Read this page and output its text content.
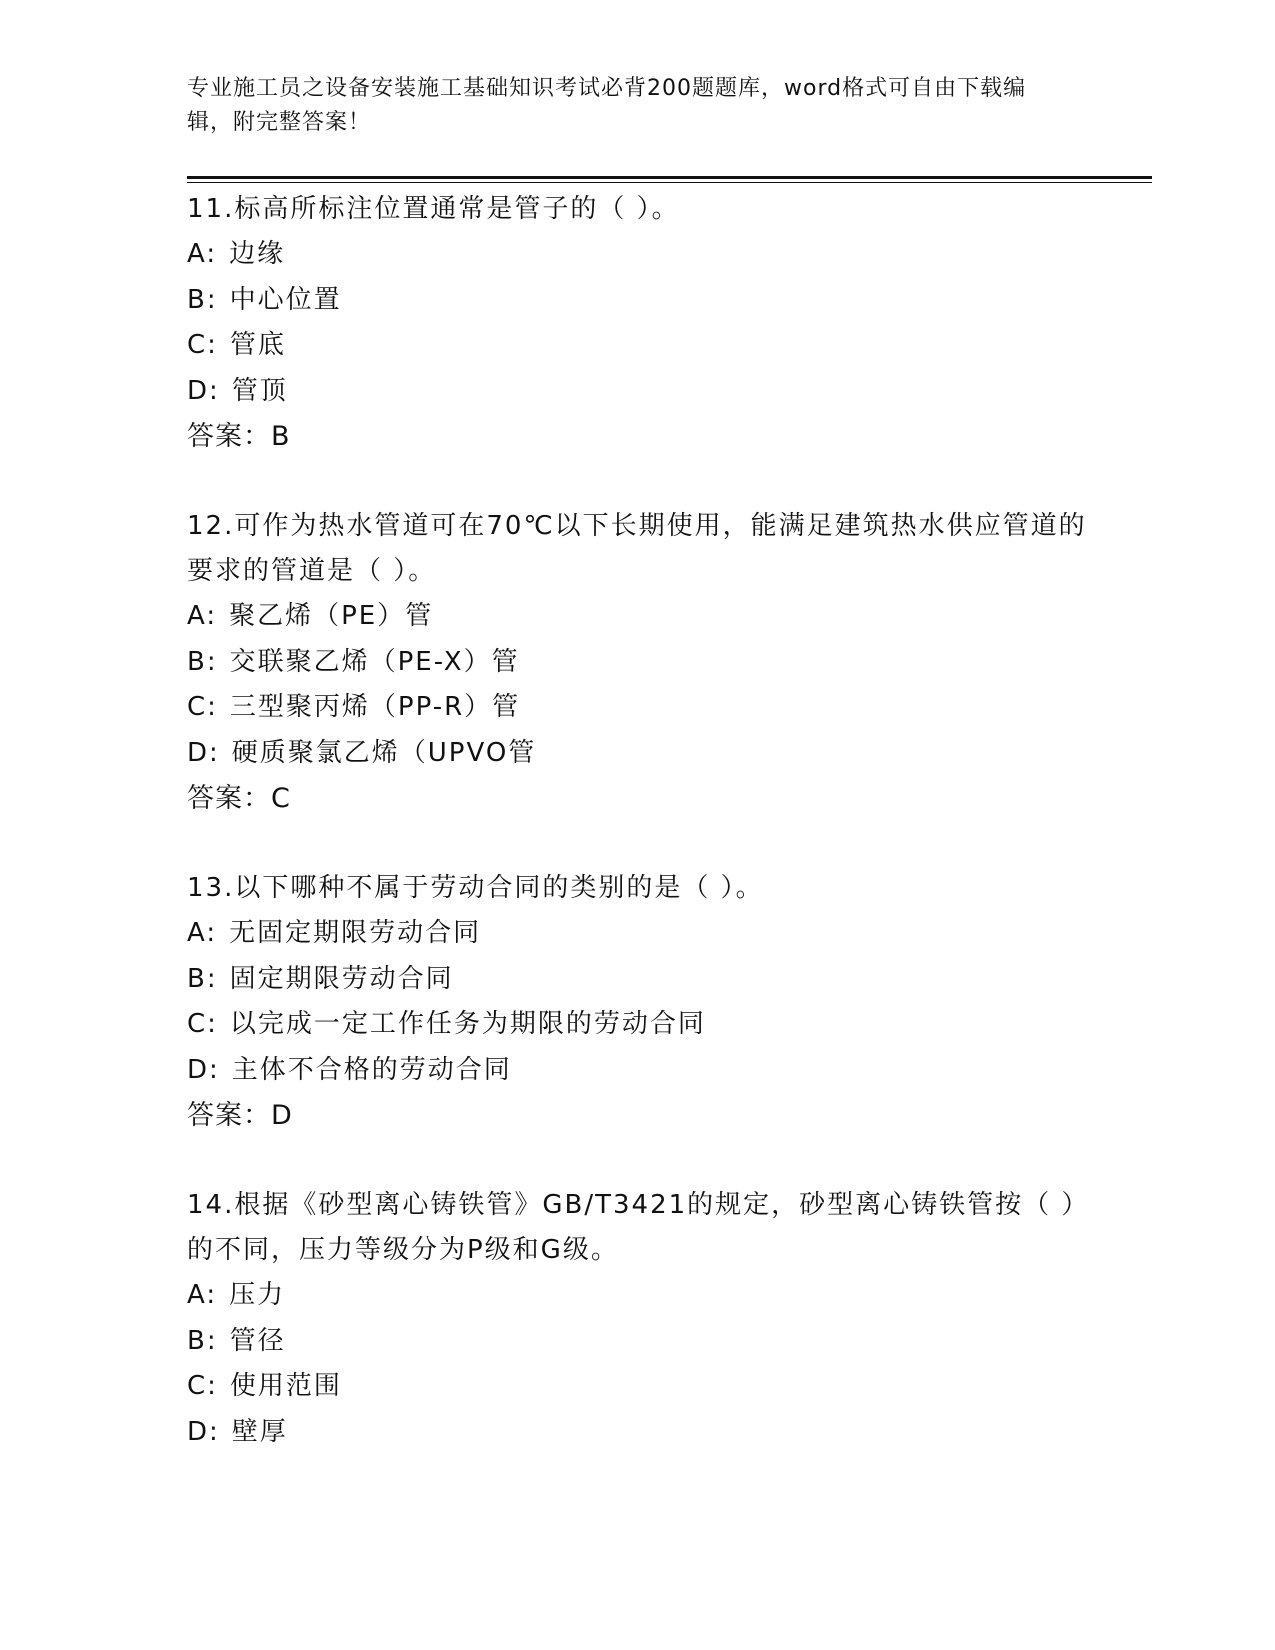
专业施工员之设备安装施工基础知识考试必背200题题库，word格式可自由下载编辑，附完整答案！
11.标高所标注位置通常是管子的（ ）。
A: 边缘
B: 中心位置
C: 管底
D: 管顶
答案：B
12.可作为热水管道可在70℃以下长期使用，能满足建筑热水供应管道的要求的管道是（ ）。
A: 聚乙烯（PE）管
B: 交联聚乙烯（PE-X）管
C: 三型聚丙烯（PP-R）管
D: 硬质聚氯乙烯（UPVO管
答案：C
13.以下哪种不属于劳动合同的类别的是（ ）。
A: 无固定期限劳动合同
B: 固定期限劳动合同
C: 以完成一定工作任务为期限的劳动合同
D: 主体不合格的劳动合同
答案：D
14.根据《砂型离心铸铁管》GB/T3421的规定，砂型离心铸铁管按（ ）的不同，压力等级分为P级和G级。
A: 压力
B: 管径
C: 使用范围
D: 壁厚
